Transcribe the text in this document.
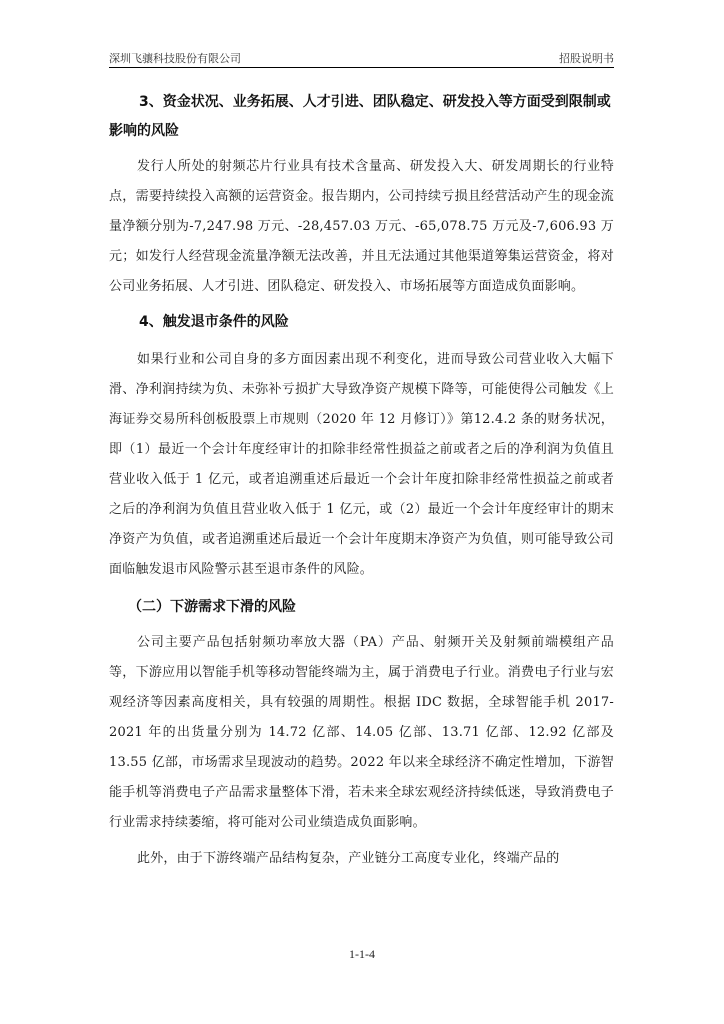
深圳飞骧科技股份有限公司	招股说明书

3、资金状况、业务拓展、人才引进、团队稳定、研发投入等方面受到限制或影响的风险

发行人所处的射频芯片行业具有技术含量高、研发投入大、研发周期长的行业特点，需要持续投入高额的运营资金。报告期内，公司持续亏损且经营活动产生的现金流量净额分别为-7,247.98 万元、-28,457.03 万元、-65,078.75 万元及-7,606.93 万元；如发行人经营现金流量净额无法改善，并且无法通过其他渠道筹集运营资金，将对公司业务拓展、人才引进、团队稳定、研发投入、市场拓展等方面造成负面影响。

4、触发退市条件的风险

如果行业和公司自身的多方面因素出现不利变化，进而导致公司营业收入大幅下滑、净利润持续为负、未弥补亏损扩大导致净资产规模下降等，可能使得公司触发《上海证券交易所科创板股票上市规则（2020 年 12 月修订）》第12.4.2 条的财务状况，即（1）最近一个会计年度经审计的扣除非经常性损益之前或者之后的净利润为负值且营业收入低于 1 亿元，或者追溯重述后最近一个会计年度扣除非经常性损益之前或者之后的净利润为负值且营业收入低于 1 亿元，或（2）最近一个会计年度经审计的期末净资产为负值，或者追溯重述后最近一个会计年度期末净资产为负值，则可能导致公司面临触发退市风险警示甚至退市条件的风险。

（二）下游需求下滑的风险

公司主要产品包括射频功率放大器（PA）产品、射频开关及射频前端模组产品等，下游应用以智能手机等移动智能终端为主，属于消费电子行业。消费电子行业与宏观经济等因素高度相关，具有较强的周期性。根据 IDC 数据，全球智能手机 2017-2021 年的出货量分别为 14.72 亿部、14.05 亿部、13.71 亿部、12.92 亿部及 13.55 亿部，市场需求呈现波动的趋势。2022 年以来全球经济不确定性增加，下游智能手机等消费电子产品需求量整体下滑，若未来全球宏观经济持续低迷，导致消费电子行业需求持续萎缩，将可能对公司业绩造成负面影响。

此外，由于下游终端产品结构复杂，产业链分工高度专业化，终端产品的

1-1-4
